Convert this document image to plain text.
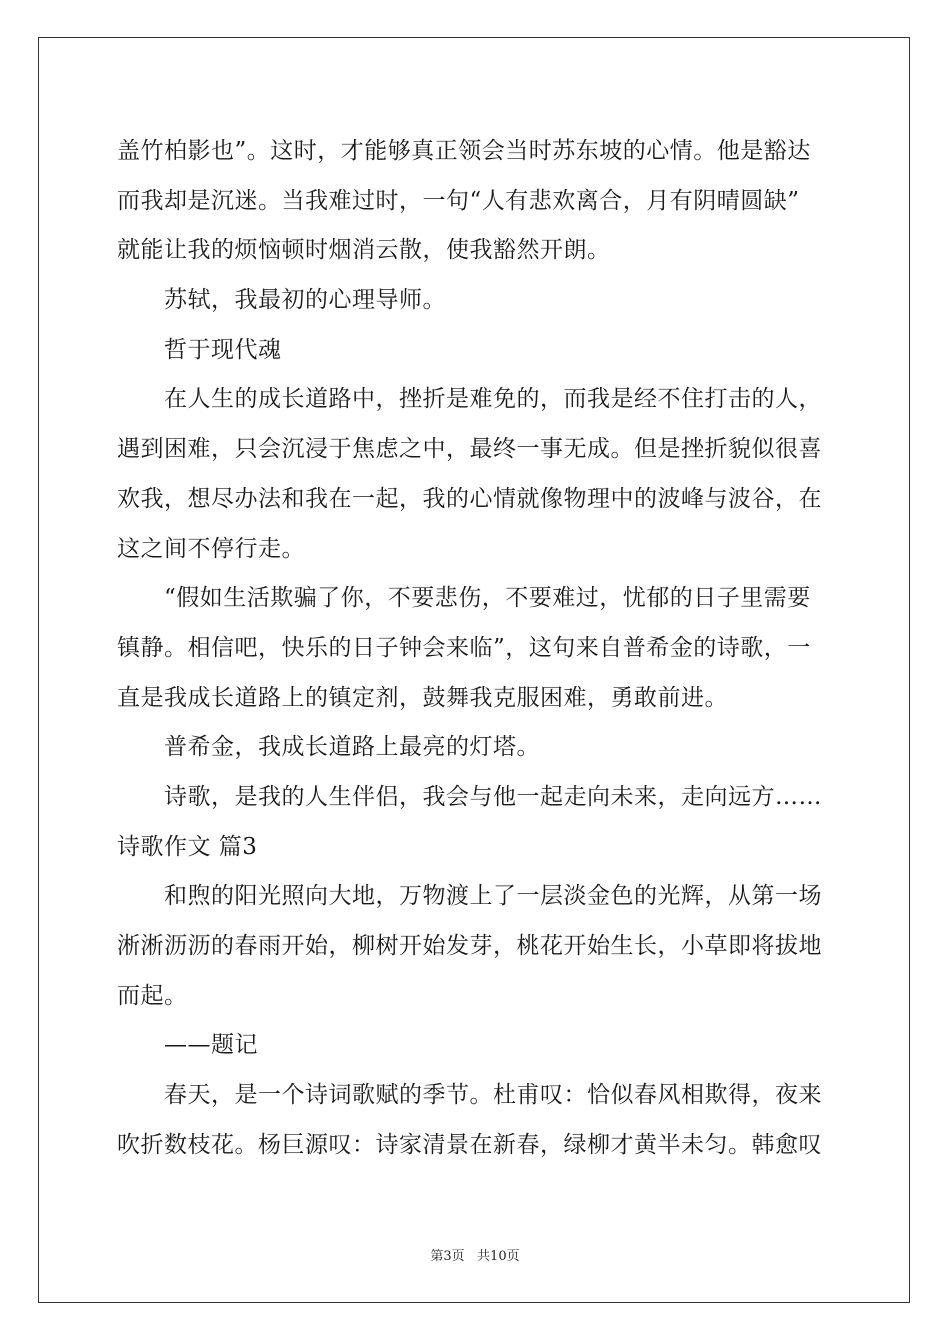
盖竹柏影也”。这时，才能够真正领会当时苏东坡的心情。他是豁达
而我却是沉迷。当我难过时，一句“人有悲欢离合，月有阴晴圆缺”
就能让我的烦恼顿时烟消云散，使我豁然开朗。
苏轼，我最初的心理导师。
哲于现代魂
在人生的成长道路中，挫折是难免的，而我是经不住打击的人，
遇到困难，只会沉浸于焦虑之中，最终一事无成。但是挫折貌似很喜
欢我，想尽办法和我在一起，我的心情就像物理中的波峰与波谷，在
这之间不停行走。
“假如生活欺骗了你，不要悲伤，不要难过，忧郁的日子里需要
镇静。相信吧，快乐的日子钟会来临”，这句来自普希金的诗歌，一
直是我成长道路上的镇定剂，鼓舞我克服困难，勇敢前进。
普希金，我成长道路上最亮的灯塔。
诗歌，是我的人生伴侣，我会与他一起走向未来，走向远方……
诗歌作文 篇3
和煦的阳光照向大地，万物渡上了一层淡金色的光辉，从第一场
淅淅沥沥的春雨开始，柳树开始发芽，桃花开始生长，小草即将拔地
而起。
——题记
春天，是一个诗词歌赋的季节。杜甫叹：恰似春风相欺得，夜来
吹折数枝花。杨巨源叹：诗家清景在新春，绿柳才黄半未匀。韩愈叹
第3页   共10页
